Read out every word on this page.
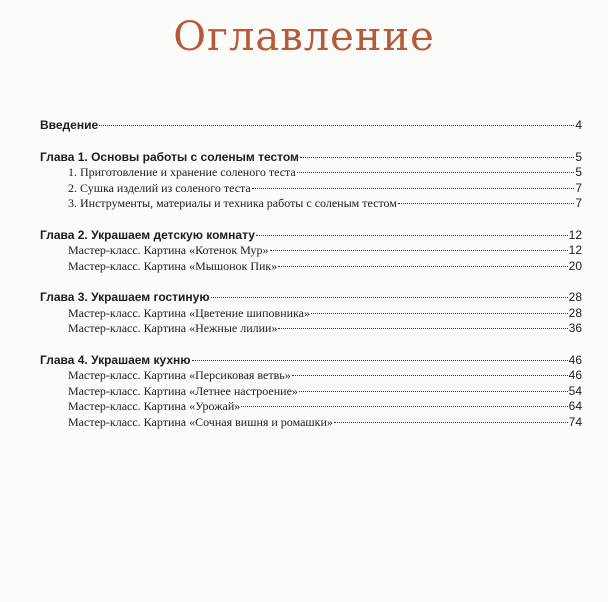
Оглавление
Введение	4
Глава 1. Основы работы с соленым тестом	5
1. Приготовление и хранение соленого теста	5
2. Сушка изделий из соленого теста	7
3. Инструменты, материалы и техника работы с соленым тестом	7
Глава 2. Украшаем детскую комнату	12
Мастер-класс. Картина «Котенок Мур»	12
Мастер-класс. Картина «Мышонок Пик»	20
Глава 3. Украшаем гостиную	28
Мастер-класс. Картина «Цветение шиповника»	28
Мастер-класс. Картина «Нежные лилии»	36
Глава 4. Украшаем кухню	46
Мастер-класс. Картина «Персиковая ветвь»	46
Мастер-класс. Картина «Летнее настроение»	54
Мастер-класс. Картина «Урожай»	64
Мастер-класс. Картина «Сочная вишня и ромашки»	74
